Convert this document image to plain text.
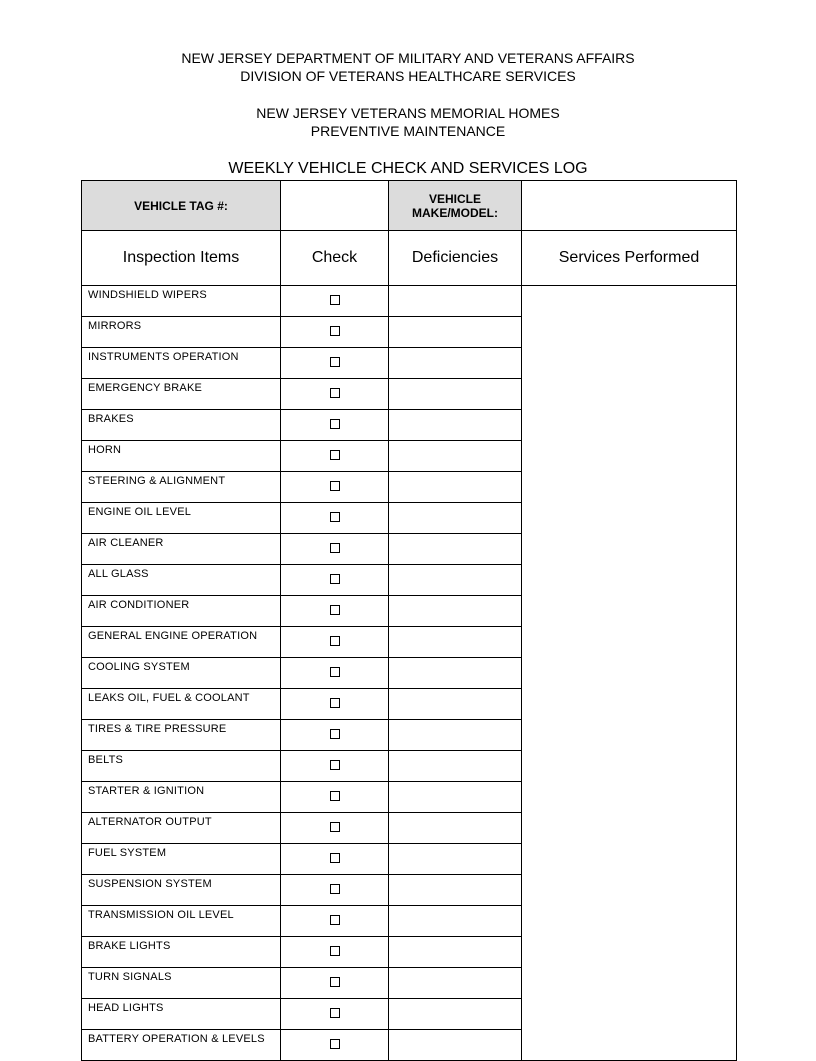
NEW JERSEY DEPARTMENT OF MILITARY AND VETERANS AFFAIRS
DIVISION OF VETERANS HEALTHCARE SERVICES
NEW JERSEY VETERANS MEMORIAL HOMES
PREVENTIVE MAINTENANCE
WEEKLY VEHICLE CHECK AND SERVICES LOG
VEHICLE TAG #:		VEHICLE
MAKE/MODEL:	

Inspection Items	Check	Deficiencies	Services Performed
WINDSHIELD WIPERS			
MIRRORS			
INSTRUMENTS OPERATION			
EMERGENCY BRAKE			
BRAKES			
HORN			
STEERING & ALIGNMENT			
ENGINE OIL LEVEL			
AIR CLEANER			
ALL GLASS			
AIR CONDITIONER			
GENERAL ENGINE OPERATION			
COOLING SYSTEM			
LEAKS OIL, FUEL & COOLANT			
TIRES & TIRE PRESSURE			
BELTS			
STARTER & IGNITION			
ALTERNATOR OUTPUT			
FUEL SYSTEM			
SUSPENSION SYSTEM			
TRANSMISSION OIL LEVEL			
BRAKE LIGHTS			
TURN SIGNALS			
HEAD LIGHTS			
BATTERY OPERATION & LEVELS			
